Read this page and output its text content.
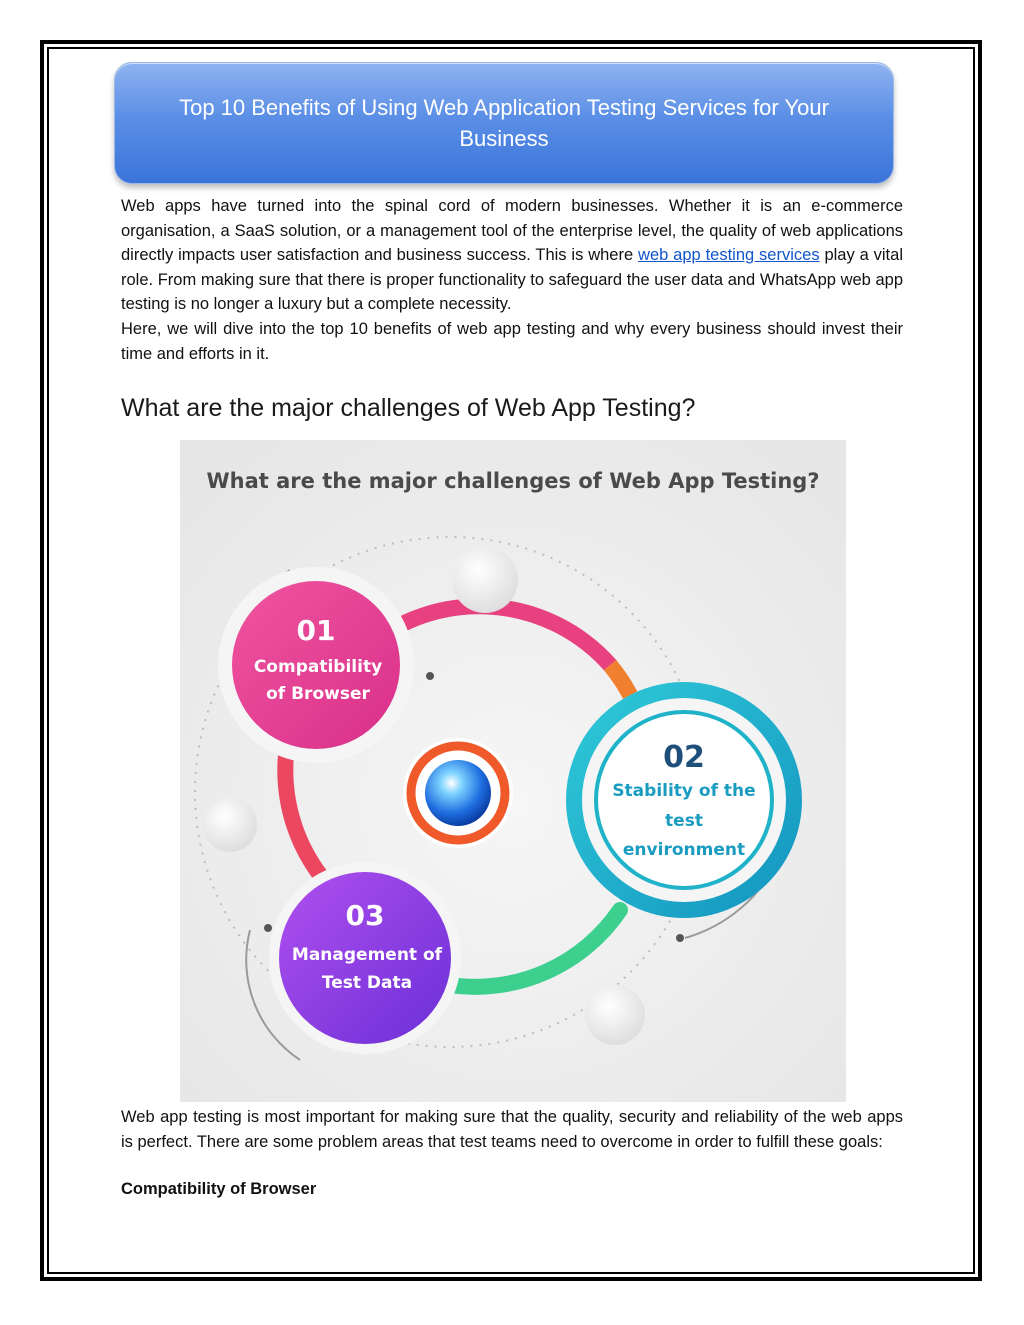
Top 10 Benefits of Using Web Application Testing Services for Your Business

Web apps have turned into the spinal cord of modern businesses. Whether it is an e-commerce organisation, a SaaS solution, or a management tool of the enterprise level, the quality of web applications directly impacts user satisfaction and business success. This is where web app testing services play a vital role. From making sure that there is proper functionality to safeguard the user data and WhatsApp web app testing is no longer a luxury but a complete necessity.

Here, we will dive into the top 10 benefits of web app testing and why every business should invest their time and efforts in it.

What are the major challenges of Web App Testing?
What are the major challenges of Web App Testing?
01
Compatibility
of Browser
02
Stability of the
test
environment
03
Management of
Test Data

Web app testing is most important for making sure that the quality, security and reliability of the web apps is perfect. There are some problem areas that test teams need to overcome in order to fulfill these goals:

Compatibility of Browser
